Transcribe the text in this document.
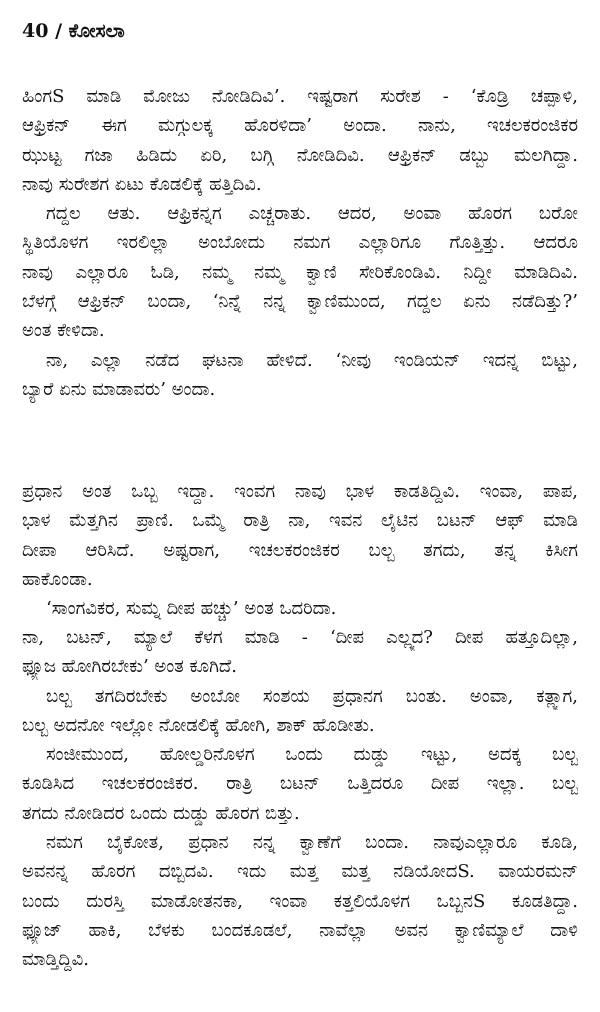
40 / ಕೋಸಲಾ
ಹಿಂಗS ಮಾಡಿ ಮೋಜು ನೋಡಿದಿವಿ’. ಇಷ್ಟರಾಗ ಸುರೇಶ - ‘ಕೊಡ್ರಿ ಚಪ್ಪಾಳಿ,
ಆಫ್ರಿಕನ್ ಈಗ ಮಗ್ಗುಲಕ್ಕ ಹೊರಳಿದಾ’ ಅಂದಾ. ನಾನು, ಇಚಲಕರಂಜಿಕರ
ಝುಟ್ಟ ಗಜಾ ಹಿಡಿದು ಏರಿ, ಬಗ್ಗಿ ನೋಡಿದಿವಿ. ಆಫ್ರಿಕನ್ ಡಬ್ಬು ಮಲಗಿದ್ದಾ.
ನಾವು ಸುರೇಶಗ ಏಟು ಕೊಡಲಿಕ್ಕೆ ಹತ್ತಿದಿವಿ.
ಗದ್ದಲ ಆತು. ಆಫ್ರಿಕನ್ನಗ ಎಚ್ಚರಾತು. ಆದರ, ಅಂವಾ ಹೊರಗ ಬರೋ
ಸ್ಥಿತಿಯೊಳಗ ಇರಲಿಲ್ಲಾ ಅಂಬೋದು ನಮಗ ಎಲ್ಲಾರಿಗೂ ಗೊತ್ತಿತ್ತು. ಆದರೂ
ನಾವು ಎಲ್ಲಾರೂ ಓಡಿ, ನಮ್ಮ ನಮ್ಮ ಕ್ವಾಣಿ ಸೇರಿಕೊಂಡಿವಿ. ನಿದ್ದೀ ಮಾಡಿದಿವಿ.
ಬೆಳಗ್ಗೆ ಆಫ್ರಿಕನ್ ಬಂದಾ, ‘ನಿನ್ನೆ ನನ್ನ ಕ್ವಾಣಿಮುಂದ, ಗದ್ದಲ ಏನು ನಡೆದಿತ್ತು?’
ಅಂತ ಕೇಳಿದಾ.
ನಾ, ಎಲ್ಲಾ ನಡೆದ ಘಟನಾ ಹೇಳಿದೆ. ‘ನೀವು ಇಂಡಿಯನ್ ಇದನ್ನ ಬಿಟ್ಟು,
ಬ್ಯಾರೆ ಏನು ಮಾಡಾವರು’ ಅಂದಾ.
ಪ್ರಧಾನ ಅಂತ ಒಬ್ಬ ಇದ್ದಾ. ಇಂವಗ ನಾವು ಭಾಳ ಕಾಡತಿದ್ದಿವಿ. ಇಂವಾ, ಪಾಪ,
ಭಾಳ ಮೆತ್ತಗಿನ ಪ್ರಾಣಿ. ಒಮ್ಮೆ ರಾತ್ರಿ ನಾ, ಇವನ ಲೈಟಿನ ಬಟನ್ ಆಫ್ ಮಾಡಿ
ದೀಪಾ ಆರಿಸಿದೆ. ಅಷ್ಟರಾಗ, ಇಚಲಕರಂಜಿಕರ ಬಲ್ಬ ತಗದು, ತನ್ನ ಕಿಸೀಗ
ಹಾಕೊಂಡಾ.
‘ಸಾಂಗವಿಕರ, ಸುಮ್ನ ದೀಪ ಹಚ್ಚು’ ಅಂತ ಒದರಿದಾ.
ನಾ, ಬಟನ್, ಮ್ಯಾಲೆ ಕೆಳಗ ಮಾಡಿ - ‘ದೀಪ ಎಲ್ಲ್ಯದ? ದೀಪ ಹತ್ತೂದಿಲ್ಲಾ,
ಫ್ಯೂಜ ಹೋಗಿರಬೇಕು’ ಅಂತ ಕೂಗಿದೆ.
ಬಲ್ಬ ತಗದಿರಬೇಕು ಅಂಬೋ ಸಂಶಯ ಪ್ರಧಾನಗ ಬಂತು. ಅಂವಾ, ಕತ್ಲ್ಯಾಗ,
ಬಲ್ಬ ಅದನೋ ಇಲ್ಲೋ ನೋಡಲಿಕ್ಕೆ ಹೋಗಿ, ಶಾಕ್ ಹೊಡೀತು.
ಸಂಜೀಮುಂದ, ಹೋಲ್ಡರಿನೊಳಗ ಒಂದು ದುಡ್ಡು ಇಟ್ಟು, ಅದಕ್ಕ ಬಲ್ಬ
ಕೂಡಿಸಿದ ಇಚಲಕರಂಜಿಕರ. ರಾತ್ರಿ ಬಟನ್ ಒತ್ತಿದರೂ ದೀಪ ಇಲ್ಲಾ. ಬಲ್ಬ
ತಗದು ನೋಡಿದರ ಒಂದು ದುಡ್ಡು ಹೊರಗ ಬಿತ್ತು.
ನಮಗ ಬೈಕೋತ, ಪ್ರಧಾನ ನನ್ನ ಕ್ವಾಣೆಗೆ ಬಂದಾ. ನಾವುಎಲ್ಲಾರೂ ಕೂಡಿ,
ಅವನನ್ನ ಹೊರಗ ದಬ್ಬಿದವಿ. ಇದು ಮತ್ತ ಮತ್ತ ನಡಿಯೋದS. ವಾಯರಮನ್
ಬಂದು ದುರಸ್ತಿ ಮಾಡೋತನಕಾ, ಇಂವಾ ಕತ್ತಲಿಯೊಳಗ ಒಬ್ಬನS ಕೂಡತಿದ್ದಾ.
ಫ್ಯೂಜ್ ಹಾಕಿ, ಬೆಳಕು ಬಂದಕೂಡಲೆ, ನಾವೆಲ್ಲಾ ಅವನ ಕ್ವಾಣಿಮ್ಯಾಲೆ ದಾಳಿ
ಮಾಡ್ತಿದ್ದಿವಿ.
